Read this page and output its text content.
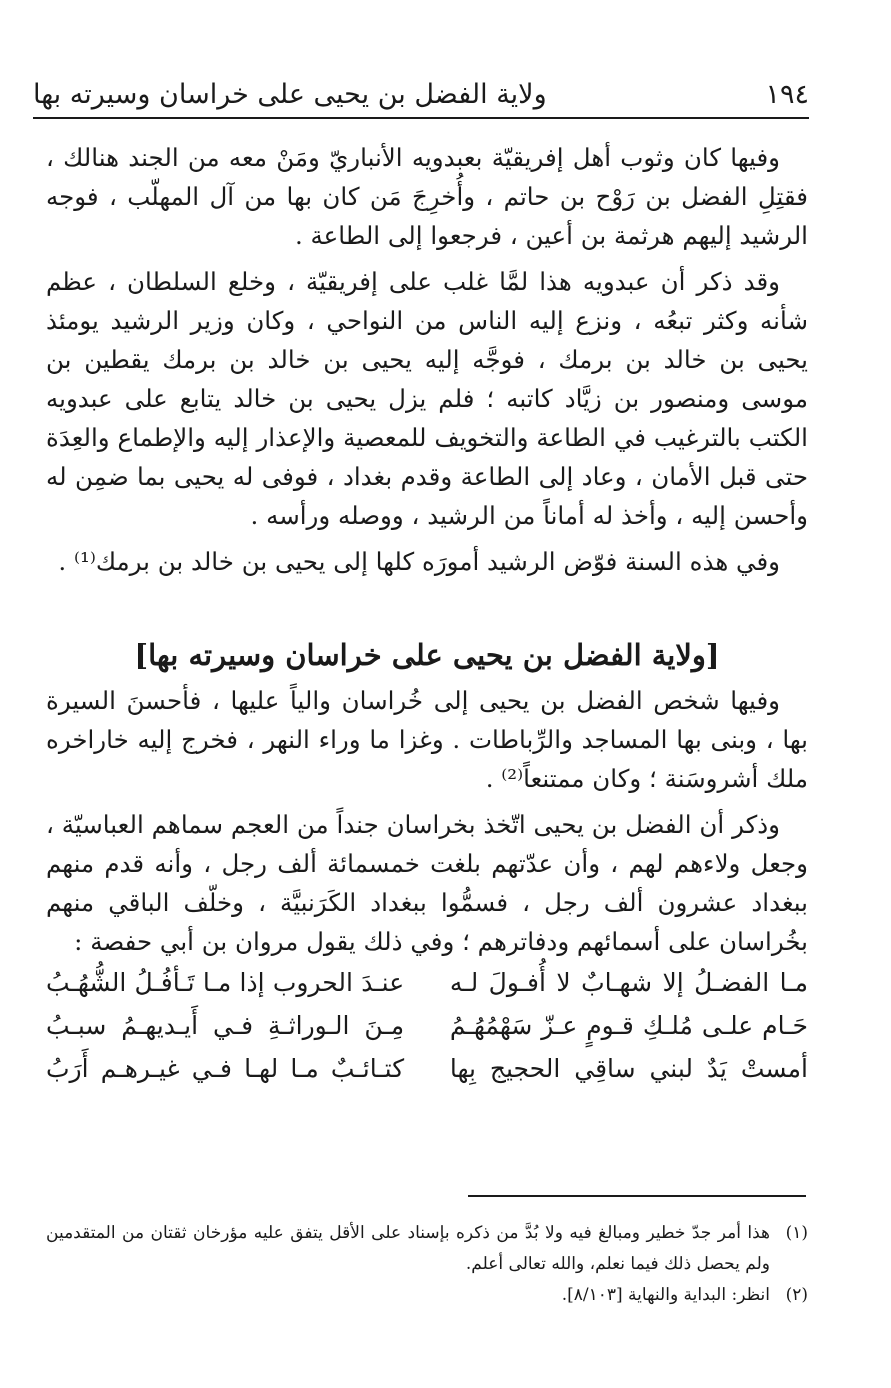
١٩٤
ولاية الفضل بن يحيى على خراسان وسيرته بها

وفيها كان وثوب أهل إفريقيّة بعبدويه الأنباريّ ومَنْ معه من الجند هنالك ، فقتِلِ الفضل بن رَوْح بن حاتم ، وأُخرِجَ مَن كان بها من آل المهلّب ، فوجه الرشيد إليهم هرثمة بن أعين ، فرجعوا إلى الطاعة .

وقد ذكر أن عبدويه هذا لمَّا غلب على إفريقيّة ، وخلع السلطان ، عظم شأنه وكثر تبعُه ، ونزع إليه الناس من النواحي ، وكان وزير الرشيد يومئذ يحيى بن خالد بن برمك ، فوجَّه إليه يحيى بن خالد بن برمك يقطين بن موسى ومنصور بن زيَّاد كاتبه ؛ فلم يزل يحيى بن خالد يتابع على عبدويه الكتب بالترغيب في الطاعة والتخويف للمعصية والإعذار إليه والإطماع والعِدَة حتى قبل الأمان ، وعاد إلى الطاعة وقدم بغداد ، فوفى له يحيى بما ضمِن له وأحسن إليه ، وأخذ له أماناً من الرشيد ، ووصله ورأسه .

وفي هذه السنة فوّض الرشيد أمورَه كلها إلى يحيى بن خالد بن برمك⁽¹⁾ .

[ولاية الفضل بن يحيى على خراسان وسيرته بها]

وفيها شخص الفضل بن يحيى إلى خُراسان والياً عليها ، فأحسنَ السيرة بها ، وبنى بها المساجد والرِّباطات . وغزا ما وراء النهر ، فخرج إليه خاراخره ملك أشروسَنة ؛ وكان ممتنعاً⁽²⁾ .

وذكر أن الفضل بن يحيى اتّخذ بخراسان جنداً من العجم سماهم العباسيّة ، وجعل ولاءهم لهم ، وأن عدّتهم بلغت خمسمائة ألف رجل ، وأنه قدم منهم ببغداد عشرون ألف رجل ، فسمُّوا ببغداد الكَرَنبيَّة ، وخلّف الباقي منهم بخُراسان على أسمائهم ودفاترهم ؛ وفي ذلك يقول مروان بن أبي حفصة :

مـا الفضـلُ إلا شهـابٌ لا أُفـولَ لـه
عنـدَ الحروب إذا مـا تَـأفُـلُ الشُّهُـبُ
حَـام علـى مُلـكِ قـومٍ عـزّ سَهْمُهُـمُ
مِـنَ الـوراثـةِ فـي أَيـديهـمُ سبـبُ
أمستْ يَدٌ لبني ساقِي الحجيج بِها
كتـائـبٌ مـا لهـا فـي غيـرهـم أَرَبُ
(١)
هذا أمر جدّ خطير ومبالغ فيه ولا بُدَّ من ذكره بإسناد على الأقل يتفق عليه مؤرخان ثقتان من المتقدمين ولم يحصل ذلك فيما نعلم، والله تعالى أعلم.
(٢)
انظر: البداية والنهاية [٨/١٠٣].
